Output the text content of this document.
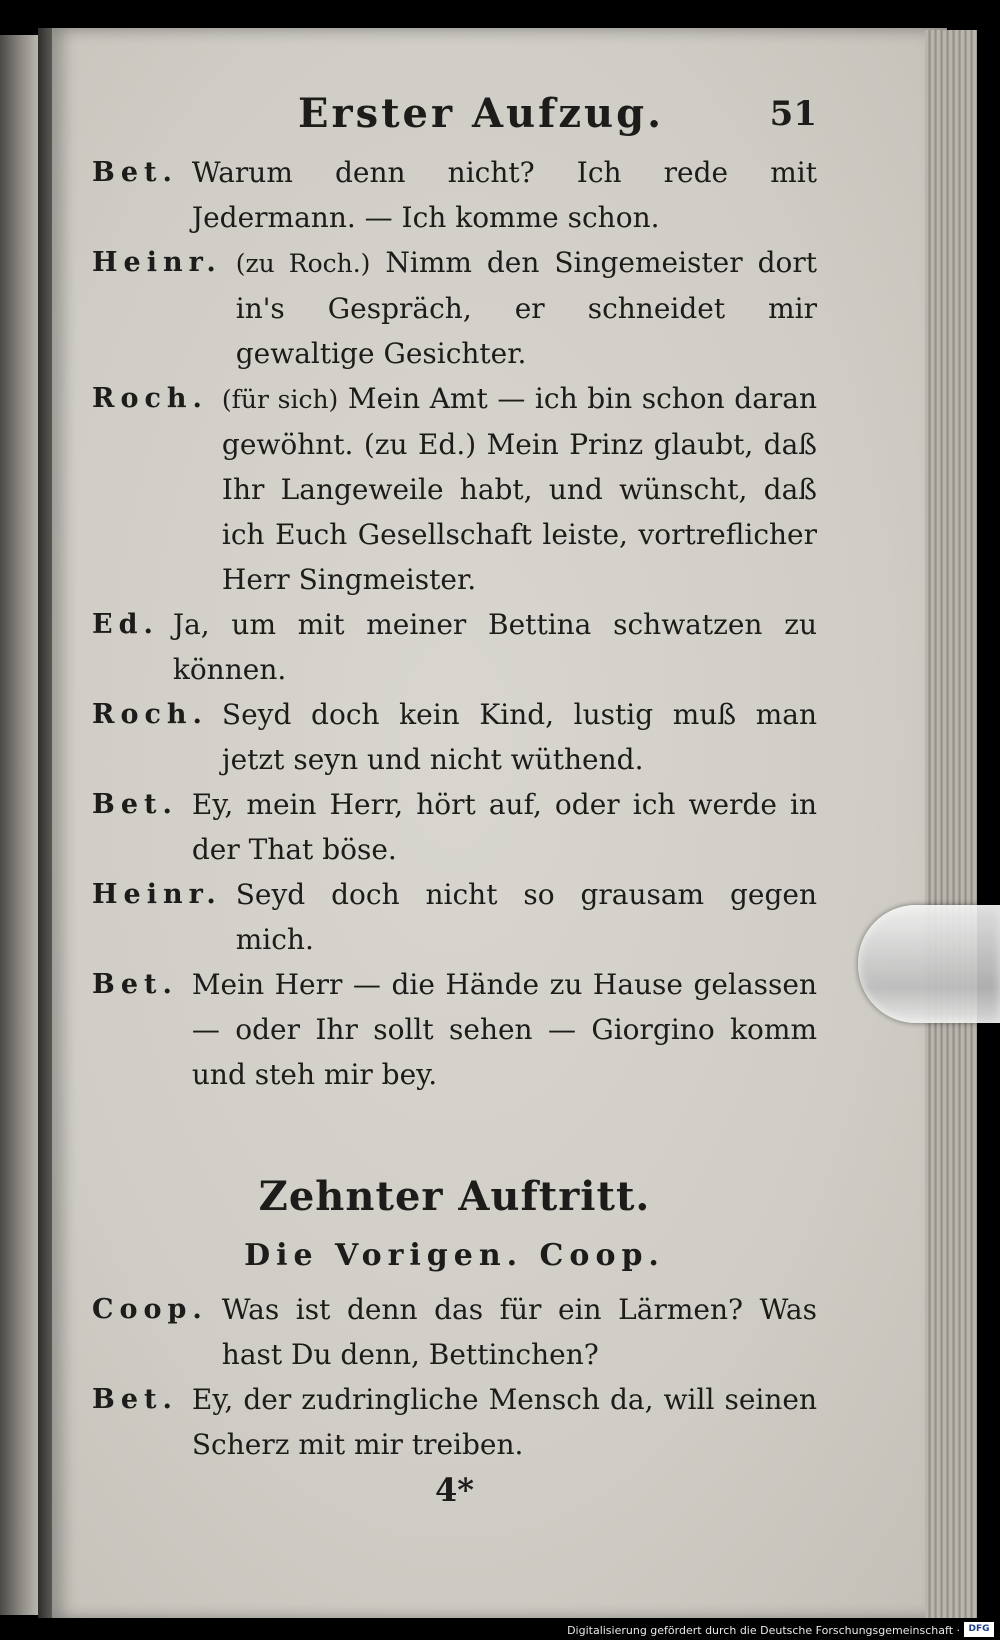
Erster Aufzug.	51
Bet. Warum denn nicht? Ich rede mit Jedermann. — Ich komme schon.
Heinr. (zu Roch.) Nimm den Singemeister dort in's Gespräch, er schneidet mir gewaltige Gesichter.
Roch. (für sich) Mein Amt — ich bin schon daran gewöhnt. (zu Ed.) Mein Prinz glaubt, daß Ihr Langeweile habt, und wünscht, daß ich Euch Gesellschaft leiste, vortreflicher Herr Singmeister.
Ed. Ja, um mit meiner Bettina schwatzen zu können.
Roch. Seyd doch kein Kind, lustig muß man jetzt seyn und nicht wüthend.
Bet. Ey, mein Herr, hört auf, oder ich werde in der That böse.
Heinr. Seyd doch nicht so grausam gegen mich.
Bet. Mein Herr — die Hände zu Hause gelassen — oder Ihr sollt sehen — Giorgino komm und steh mir bey.
Zehnter Auftritt.
Die Vorigen. Coop.
Coop. Was ist denn das für ein Lärmen? Was hast Du denn, Bettinchen?
Bet. Ey, der zudringliche Mensch da, will seinen Scherz mit mir treiben.
4*
Digitalisierung gefördert durch die Deutsche Forschungsgemeinschaft · DFG
